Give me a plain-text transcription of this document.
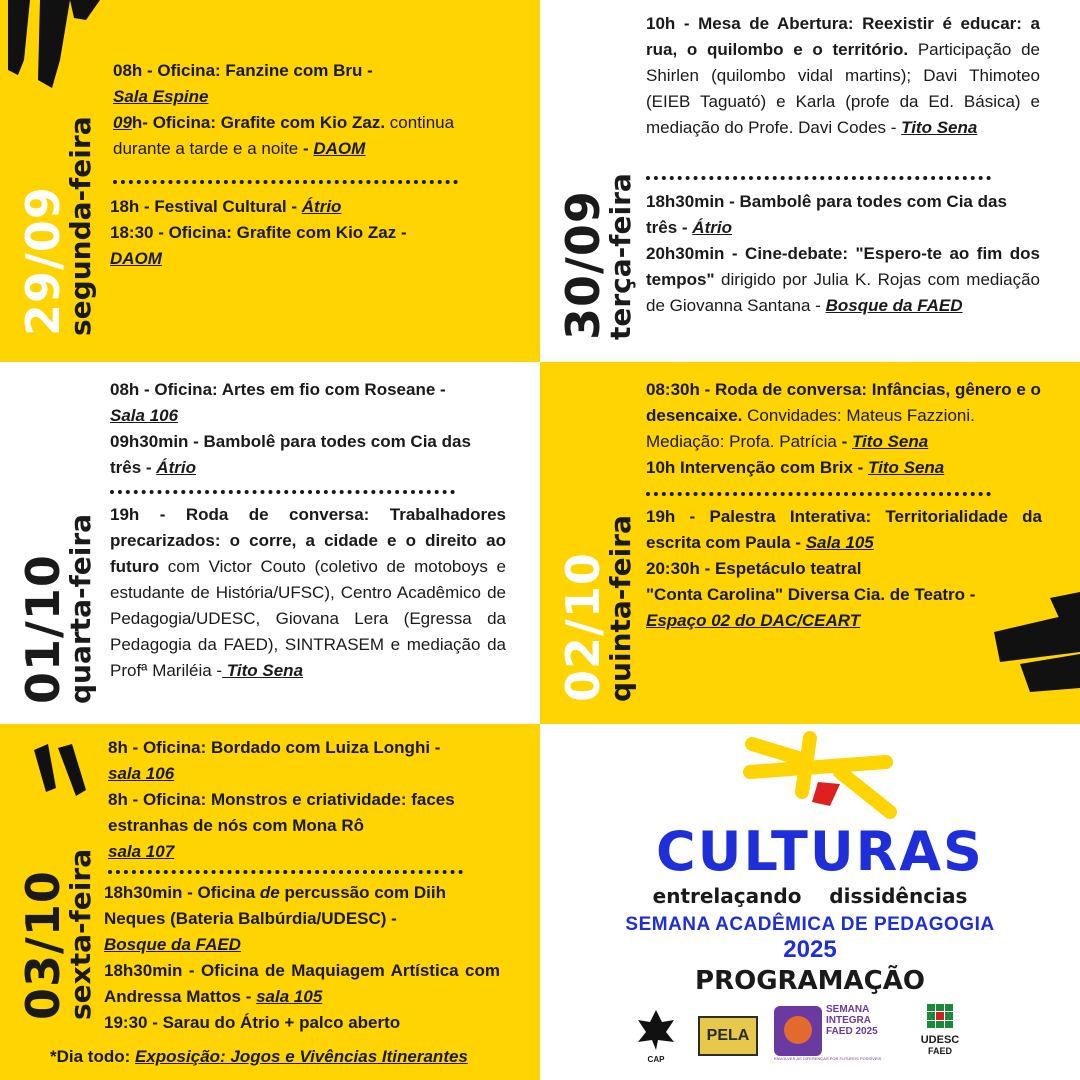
29/09
segunda-feira

08h - Oficina: Fanzine com Bru -

Sala Espine

09h- Oficina: Grafite com Kio Zaz. continua durante a tarde e a noite - DAOM

18h - Festival Cultural - Átrio

18:30 - Oficina: Grafite com Kio Zaz -

DAOM	30/09
terça-feira

10h - Mesa de Abertura: Reexistir é educar: a rua, o quilombo e o território. Participação de Shirlen (quilombo vidal martins); Davi Thimoteo (EIEB Taguató) e Karla (profe da Ed. Básica) e mediação do Profe. Davi Codes - Tito Sena

18h30min - Bambolê para todes com Cia das três - Átrio

20h30min - Cine-debate: "Espero-te ao fim dos tempos" dirigido por Julia K. Rojas com mediação de Giovanna Santana - Bosque da FAED

01/10
quarta-feira

08h - Oficina: Artes em fio com Roseane -

Sala 106

09h30min - Bambolê para todes com Cia das três - Átrio

19h - Roda de conversa: Trabalhadores precarizados: o corre, a cidade e o direito ao futuro com Victor Couto (coletivo de motoboys e estudante de História/UFSC), Centro Acadêmico de Pedagogia/UDESC, Giovana Lera (Egressa da Pedagogia da FAED), SINTRASEM e mediação da Profª Mariléia - Tito Sena	02/10
quinta-feira

08:30h - Roda de conversa: Infâncias, gênero e o desencaixe. Convidades: Mateus Fazzioni. Mediação: Profa. Patrícia - Tito Sena

10h Intervenção com Brix - Tito Sena

19h - Palestra Interativa: Territorialidade da escrita com Paula - Sala 105

20:30h - Espetáculo teatral

"Conta Carolina" Diversa Cia. de Teatro -

Espaço 02 do DAC/CEART

03/10
sexta-feira

8h - Oficina: Bordado com Luiza Longhi -

sala 106

8h - Oficina: Monstros e criatividade: faces estranhas de nós com Mona Rô

sala 107

18h30min - Oficina de percussão com Diih Neques (Bateria Balbúrdia/UDESC) -

Bosque da FAED

18h30min - Oficina de Maquiagem Artística com Andressa Mattos - sala 105

19:30 - Sarau do Átrio + palco aberto

*Dia todo: Exposição: Jogos e Vivências Itinerantes

CULTURAS
entrelaçando    dissidências
SEMANA ACADÊMICA DE PEDAGOGIA
2025
PROGRAMAÇÃO
CAP
PELA
SEMANA
INTEGRA
FAED 2025
ENVOLVER AS DIFERENÇAS POR FUTUROS POSSÍVEIS
UDESC
FAED
